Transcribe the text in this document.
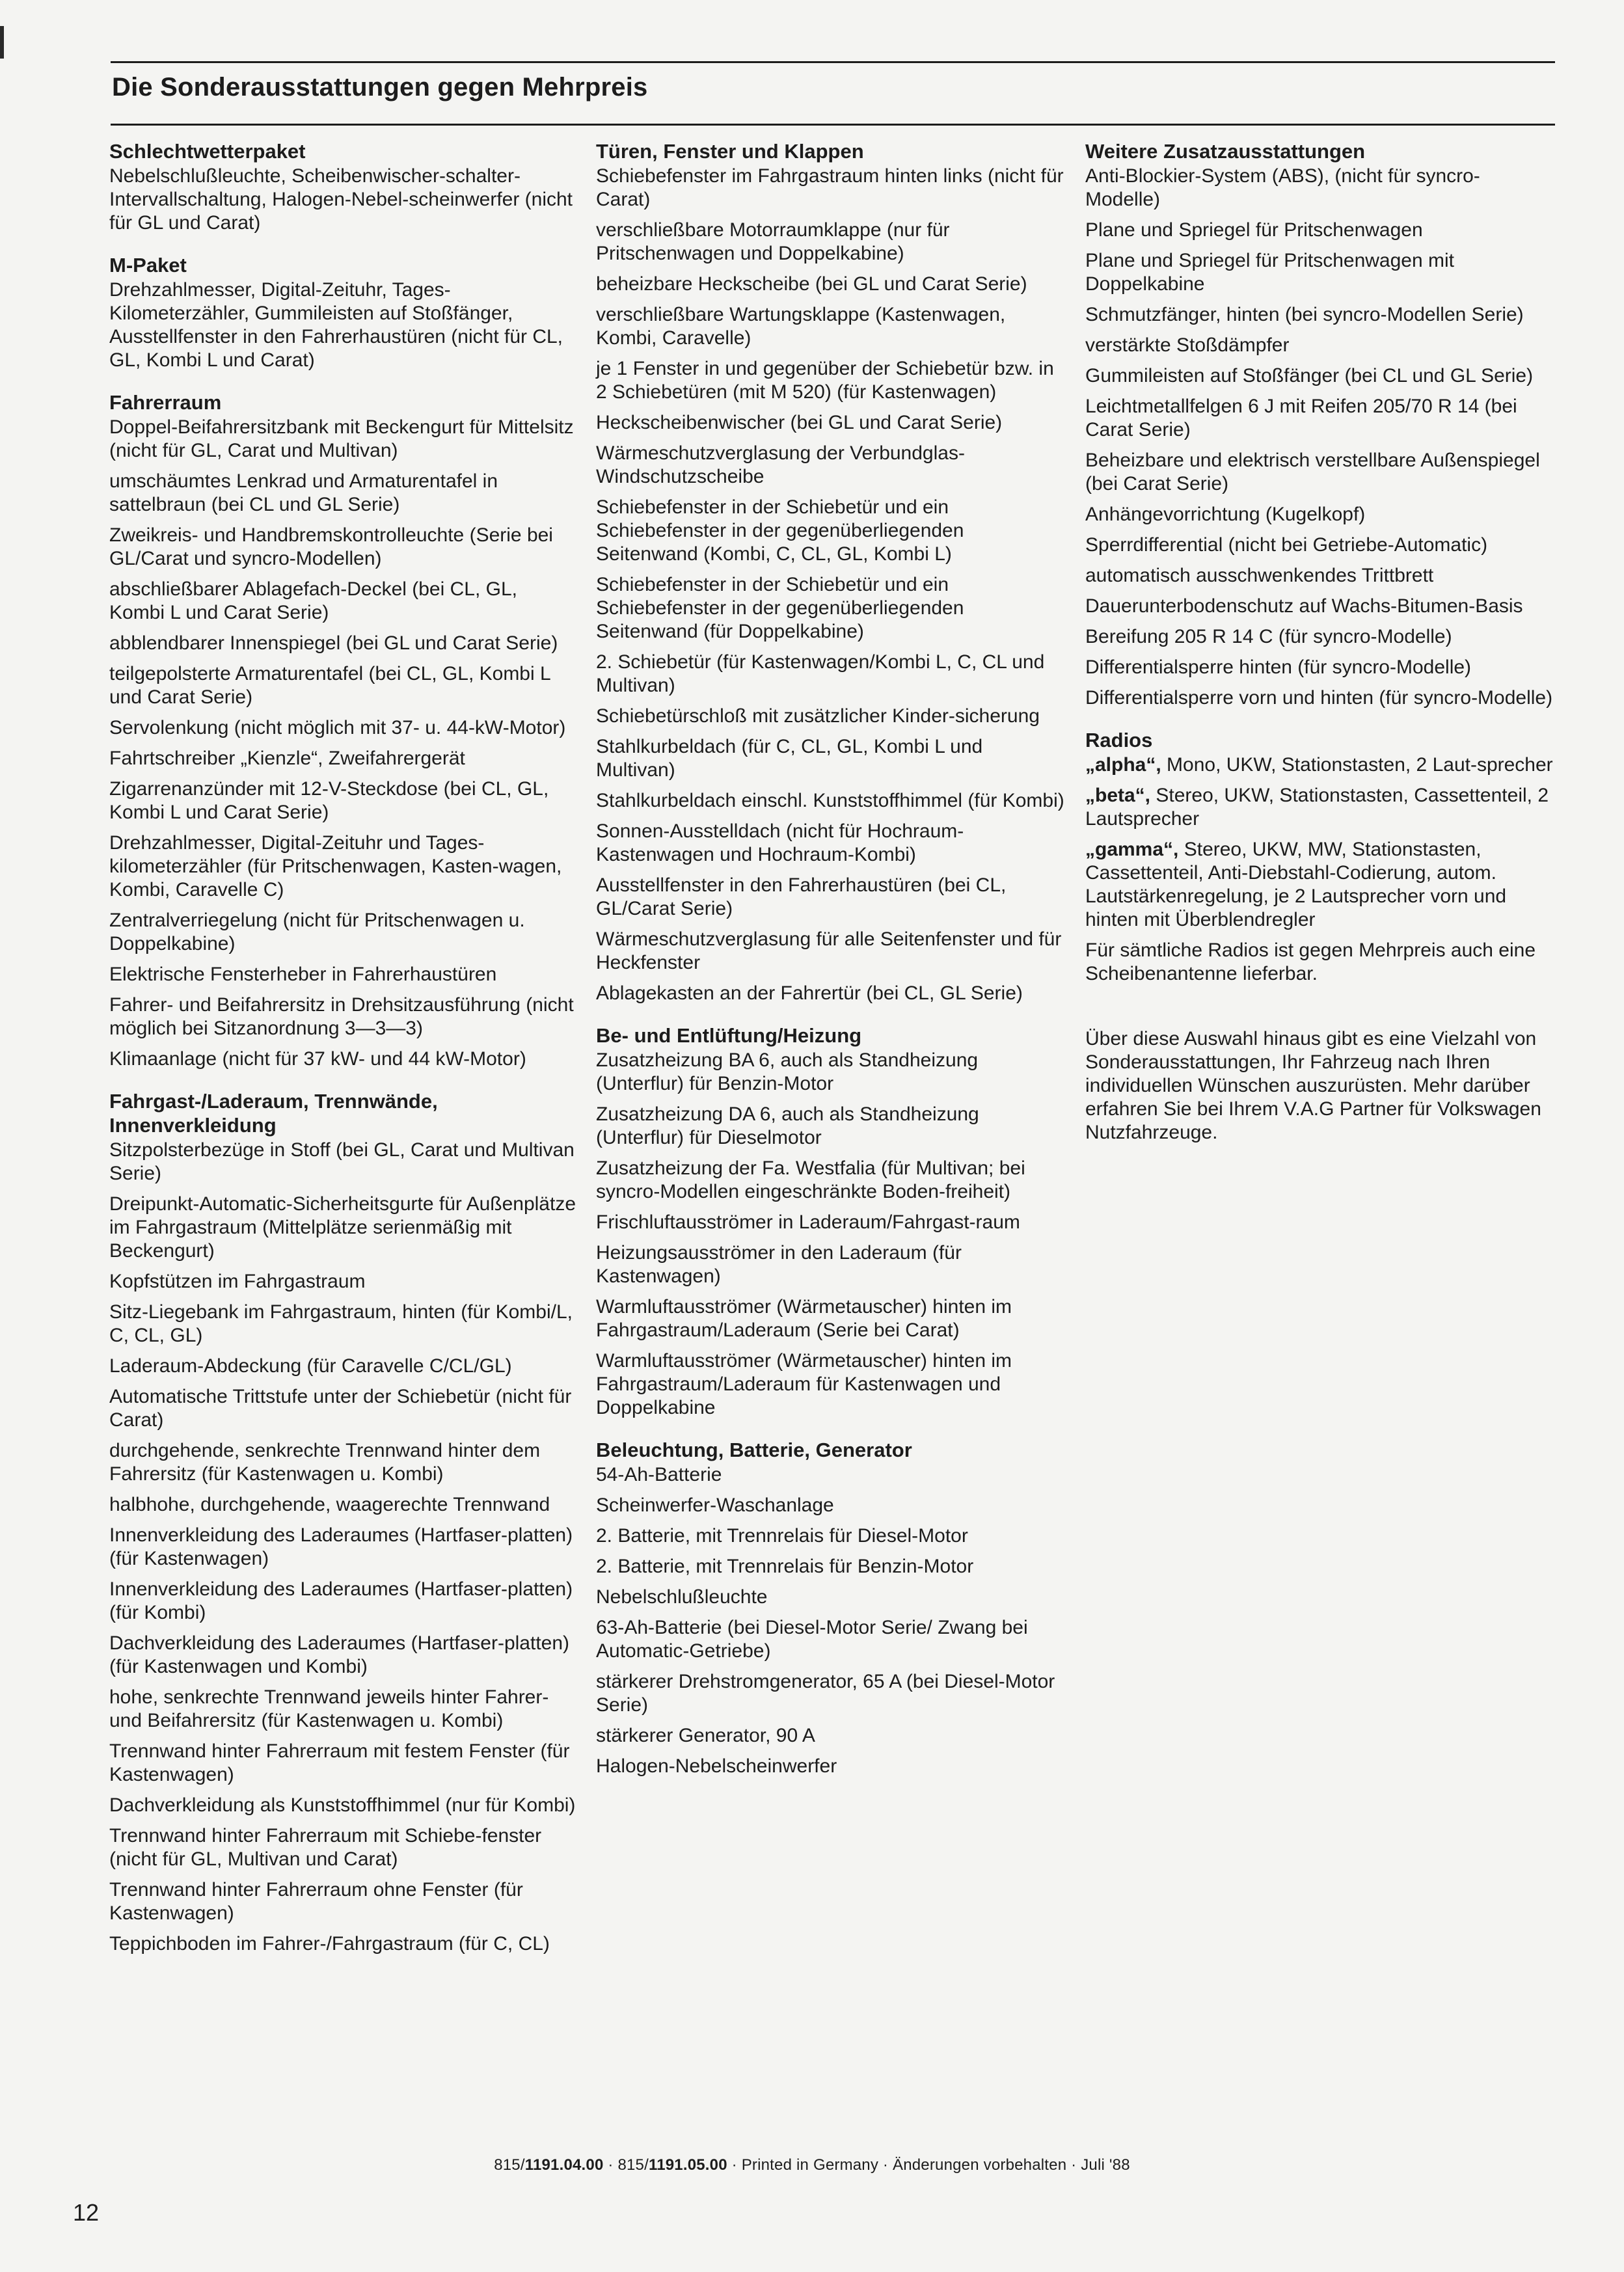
Die Sonderausstattungen gegen Mehrpreis
Schlechtwetterpaket
Nebelschlußleuchte, Scheibenwischer-schalter-Intervallschaltung, Halogen-Nebel-scheinwerfer (nicht für GL und Carat)
M-Paket
Drehzahlmesser, Digital-Zeituhr, Tages-Kilometerzähler, Gummileisten auf Stoßfänger, Ausstellfenster in den Fahrerhaustüren (nicht für CL, GL, Kombi L und Carat)
Fahrerraum
Doppel-Beifahrersitzbank mit Beckengurt für Mittelsitz (nicht für GL, Carat und Multivan)
umschäumtes Lenkrad und Armaturentafel in sattelbraun (bei CL und GL Serie)
Zweikreis- und Handbremskontrolleuchte (Serie bei GL/Carat und syncro-Modellen)
abschließbarer Ablagefach-Deckel (bei CL, GL, Kombi L und Carat Serie)
abblendbarer Innenspiegel (bei GL und Carat Serie)
teilgepolsterte Armaturentafel (bei CL, GL, Kombi L und Carat Serie)
Servolenkung (nicht möglich mit 37- u. 44-kW-Motor)
Fahrtschreiber „Kienzle“, Zweifahrergerät
Zigarrenanzünder mit 12-V-Steckdose (bei CL, GL, Kombi L und Carat Serie)
Drehzahlmesser, Digital-Zeituhr und Tages-kilometerzähler (für Pritschenwagen, Kasten-wagen, Kombi, Caravelle C)
Zentralverriegelung (nicht für Pritschenwagen u. Doppelkabine)
Elektrische Fensterheber in Fahrerhaustüren
Fahrer- und Beifahrersitz in Drehsitzausführung (nicht möglich bei Sitzanordnung 3—3—3)
Klimaanlage (nicht für 37 kW- und 44 kW-Motor)
Fahrgast-/Laderaum, Trennwände, Innenverkleidung
Sitzpolsterbezüge in Stoff (bei GL, Carat und Multivan Serie)
Dreipunkt-Automatic-Sicherheitsgurte für Außenplätze im Fahrgastraum (Mittelplätze serienmäßig mit Beckengurt)
Kopfstützen im Fahrgastraum
Sitz-Liegebank im Fahrgastraum, hinten (für Kombi/L, C, CL, GL)
Laderaum-Abdeckung (für Caravelle C/CL/GL)
Automatische Trittstufe unter der Schiebetür (nicht für Carat)
durchgehende, senkrechte Trennwand hinter dem Fahrersitz (für Kastenwagen u. Kombi)
halbhohe, durchgehende, waagerechte Trennwand
Innenverkleidung des Laderaumes (Hartfaser-platten) (für Kastenwagen)
Innenverkleidung des Laderaumes (Hartfaser-platten) (für Kombi)
Dachverkleidung des Laderaumes (Hartfaser-platten) (für Kastenwagen und Kombi)
hohe, senkrechte Trennwand jeweils hinter Fahrer- und Beifahrersitz (für Kastenwagen u. Kombi)
Trennwand hinter Fahrerraum mit festem Fenster (für Kastenwagen)
Dachverkleidung als Kunststoffhimmel (nur für Kombi)
Trennwand hinter Fahrerraum mit Schiebe-fenster (nicht für GL, Multivan und Carat)
Trennwand hinter Fahrerraum ohne Fenster (für Kastenwagen)
Teppichboden im Fahrer-/Fahrgastraum (für C, CL)
Türen, Fenster und Klappen
Schiebefenster im Fahrgastraum hinten links (nicht für Carat)
verschließbare Motorraumklappe (nur für Pritschenwagen und Doppelkabine)
beheizbare Heckscheibe (bei GL und Carat Serie)
verschließbare Wartungsklappe (Kastenwagen, Kombi, Caravelle)
je 1 Fenster in und gegenüber der Schiebetür bzw. in 2 Schiebetüren (mit M 520) (für Kastenwagen)
Heckscheibenwischer (bei GL und Carat Serie)
Wärmeschutzverglasung der Verbundglas-Windschutzscheibe
Schiebefenster in der Schiebetür und ein Schiebefenster in der gegenüberliegenden Seitenwand (Kombi, C, CL, GL, Kombi L)
Schiebefenster in der Schiebetür und ein Schiebefenster in der gegenüberliegenden Seitenwand (für Doppelkabine)
2. Schiebetür (für Kastenwagen/Kombi L, C, CL und Multivan)
Schiebetürschloß mit zusätzlicher Kinder-sicherung
Stahlkurbeldach (für C, CL, GL, Kombi L und Multivan)
Stahlkurbeldach einschl. Kunststoffhimmel (für Kombi)
Sonnen-Ausstelldach (nicht für Hochraum-Kastenwagen und Hochraum-Kombi)
Ausstellfenster in den Fahrerhaustüren (bei CL, GL/Carat Serie)
Wärmeschutzverglasung für alle Seitenfenster und für Heckfenster
Ablagekasten an der Fahrertür (bei CL, GL Serie)
Be- und Entlüftung/Heizung
Zusatzheizung BA 6, auch als Standheizung (Unterflur) für Benzin-Motor
Zusatzheizung DA 6, auch als Standheizung (Unterflur) für Dieselmotor
Zusatzheizung der Fa. Westfalia (für Multivan; bei syncro-Modellen eingeschränkte Boden-freiheit)
Frischluftausströmer in Laderaum/Fahrgast-raum
Heizungsausströmer in den Laderaum (für Kastenwagen)
Warmluftausströmer (Wärmetauscher) hinten im Fahrgastraum/Laderaum (Serie bei Carat)
Warmluftausströmer (Wärmetauscher) hinten im Fahrgastraum/Laderaum für Kastenwagen und Doppelkabine
Beleuchtung, Batterie, Generator
54-Ah-Batterie
Scheinwerfer-Waschanlage
2. Batterie, mit Trennrelais für Diesel-Motor
2. Batterie, mit Trennrelais für Benzin-Motor
Nebelschlußleuchte
63-Ah-Batterie (bei Diesel-Motor Serie/ Zwang bei Automatic-Getriebe)
stärkerer Drehstromgenerator, 65 A (bei Diesel-Motor Serie)
stärkerer Generator, 90 A
Halogen-Nebelscheinwerfer
Weitere Zusatzausstattungen
Anti-Blockier-System (ABS), (nicht für syncro-Modelle)
Plane und Spriegel für Pritschenwagen
Plane und Spriegel für Pritschenwagen mit Doppelkabine
Schmutzfänger, hinten (bei syncro-Modellen Serie)
verstärkte Stoßdämpfer
Gummileisten auf Stoßfänger (bei CL und GL Serie)
Leichtmetallfelgen 6 J mit Reifen 205/70 R 14 (bei Carat Serie)
Beheizbare und elektrisch verstellbare Außenspiegel (bei Carat Serie)
Anhängevorrichtung (Kugelkopf)
Sperrdifferential (nicht bei Getriebe-Automatic)
automatisch ausschwenkendes Trittbrett
Dauerunterbodenschutz auf Wachs-Bitumen-Basis
Bereifung 205 R 14 C (für syncro-Modelle)
Differentialsperre hinten (für syncro-Modelle)
Differentialsperre vorn und hinten (für syncro-Modelle)
Radios
„alpha“, Mono, UKW, Stationstasten, 2 Laut-sprecher
„beta“, Stereo, UKW, Stationstasten, Cassettenteil, 2 Lautsprecher
„gamma“, Stereo, UKW, MW, Stationstasten, Cassettenteil, Anti-Diebstahl-Codierung, autom. Lautstärkenregelung, je 2 Lautsprecher vorn und hinten mit Überblendregler
Für sämtliche Radios ist gegen Mehrpreis auch eine Scheibenantenne lieferbar.
Über diese Auswahl hinaus gibt es eine Vielzahl von Sonderausstattungen, Ihr Fahrzeug nach Ihren individuellen Wünschen auszurüsten. Mehr darüber erfahren Sie bei Ihrem V.A.G Partner für Volkswagen Nutzfahrzeuge.
815/1191.04.00 · 815/1191.05.00 · Printed in Germany · Änderungen vorbehalten · Juli '88
12
